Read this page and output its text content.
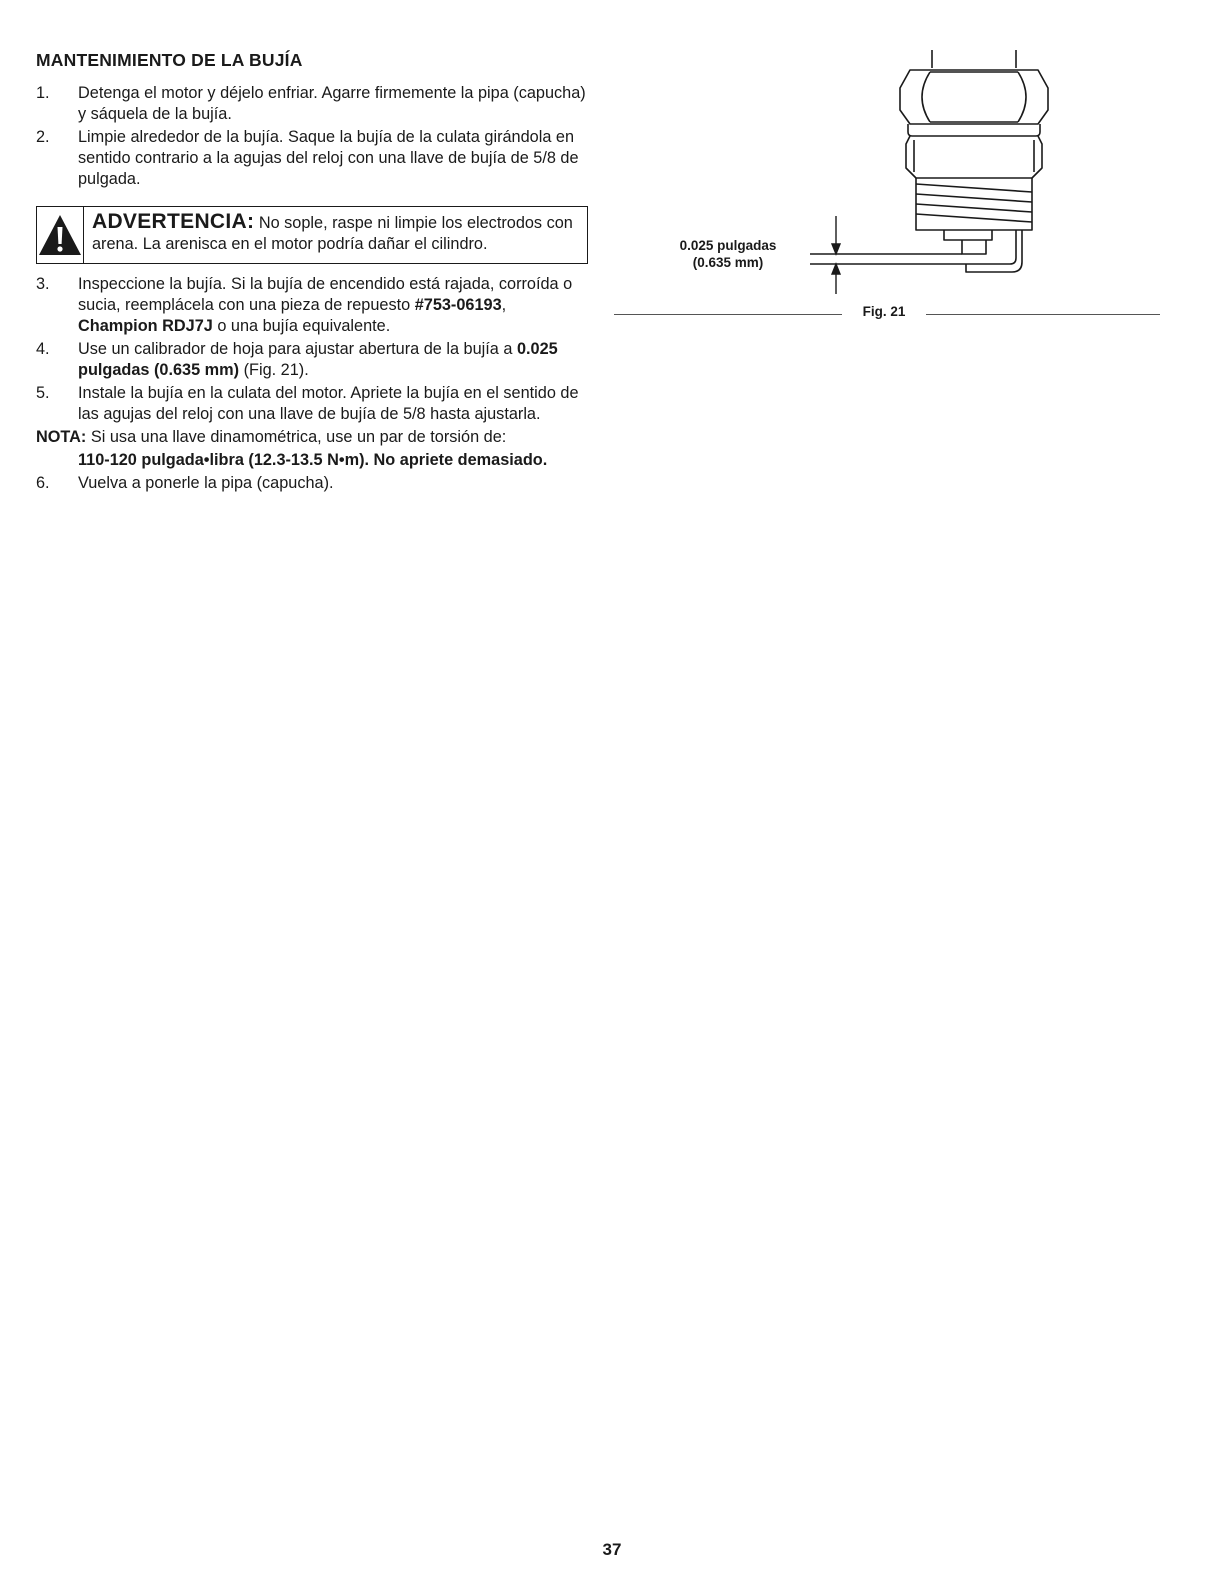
MANTENIMIENTO DE LA BUJÍA
1. Detenga el motor y déjelo enfriar. Agarre firmemente la pipa (capucha) y sáquela de la bujía.
2. Limpie alrededor de la bujía. Saque la bujía de la culata girándola en sentido contrario a la agujas del reloj con una llave de bujía de 5/8 de pulgada.
ADVERTENCIA: No sople, raspe ni limpie los electrodos con arena. La arenisca en el motor podría dañar el cilindro.
3. Inspeccione la bujía. Si la bujía de encendido está rajada, corroída o sucia, reemplácela con una pieza de repuesto #753-06193, Champion RDJ7J o una bujía equivalente.
4. Use un calibrador de hoja para ajustar abertura de la bujía a 0.025 pulgadas (0.635 mm) (Fig. 21).
5. Instale la bujía en la culata del motor. Apriete la bujía en el sentido de las agujas del reloj con una llave de bujía de 5/8 hasta ajustarla.

NOTA: Si usa una llave dinamométrica, use un par de torsión de:

110-120 pulgada•libra (12.3-13.5 N•m). No apriete demasiado.

6. Vuelva a ponerle la pipa (capucha).
0.025 pulgadas
(0.635 mm)
Fig. 21
37
